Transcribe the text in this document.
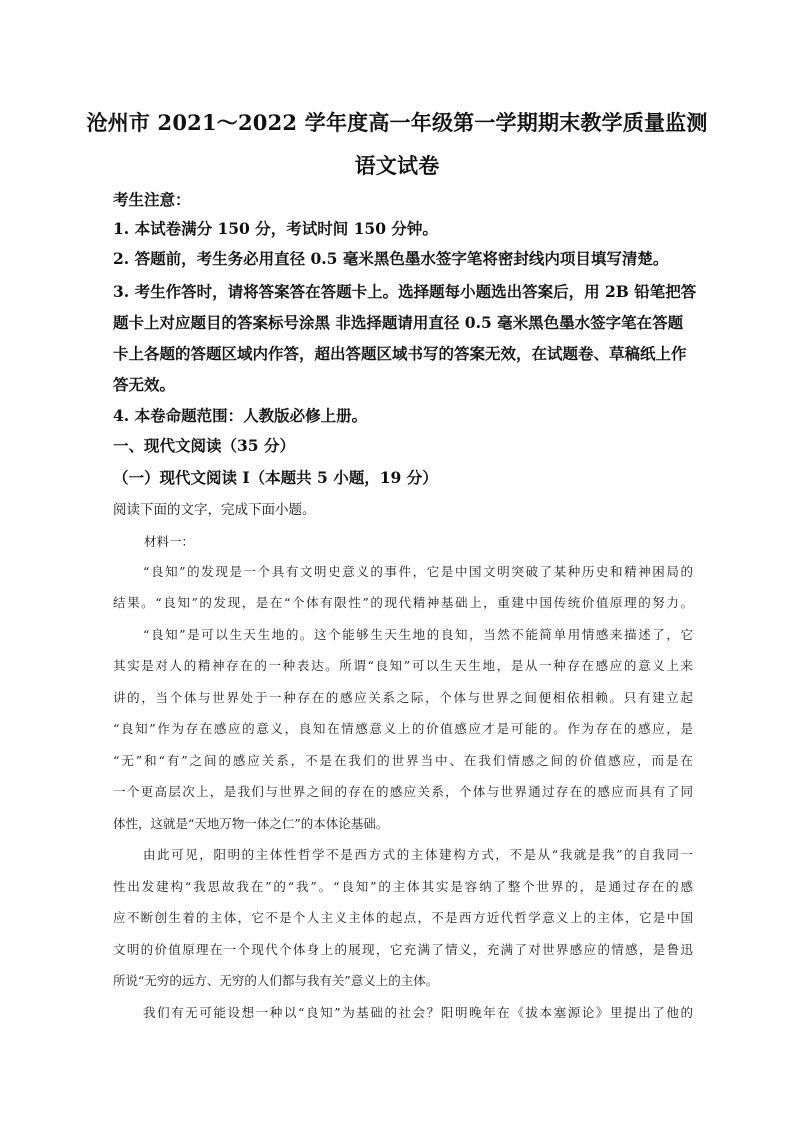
沧州市 2021～2022 学年度高一年级第一学期期末教学质量监测
语文试卷
考生注意：
1. 本试卷满分 150 分，考试时间 150 分钟。
2. 答题前，考生务必用直径 0.5 毫米黑色墨水签字笔将密封线内项目填写清楚。
3. 考生作答时，请将答案答在答题卡上。选择题每小题选出答案后，用 2B 铅笔把答
题卡上对应题目的答案标号涂黑 非选择题请用直径 0.5 毫米黑色墨水签字笔在答题
卡上各题的答题区域内作答，超出答题区域书写的答案无效，在试题卷、草稿纸上作
答无效。
4. 本卷命题范围：人教版必修上册。
一、现代文阅读（35 分）
（一）现代文阅读 I（本题共 5 小题，19 分）
阅读下面的文字，完成下面小题。
材料一：
“良知”的发现是一个具有文明史意义的事件，它是中国文明突破了某种历史和精神困局的
结果。“良知”的发现，是在“个体有限性”的现代精神基础上，重建中国传统价值原理的努力。
“良知”是可以生天生地的。这个能够生天生地的良知，当然不能简单用情感来描述了，它
其实是对人的精神存在的一种表达。所谓“良知”可以生天生地，是从一种存在感应的意义上来
讲的，当个体与世界处于一种存在的感应关系之际，个体与世界之间便相依相赖。只有建立起
“良知”作为存在感应的意义，良知在情感意义上的价值感应才是可能的。作为存在的感应，是
“无”和“有”之间的感应关系，不是在我们的世界当中、在我们情感之间的价值感应，而是在
一个更高层次上，是我们与世界之间的存在的感应关系，个体与世界通过存在的感应而具有了同
体性，这就是“天地万物一体之仁”的本体论基础。
由此可见，阳明的主体性哲学不是西方式的主体建构方式，不是从“我就是我”的自我同一
性出发建构“我思故我在”的“我”。“良知”的主体其实是容纳了整个世界的，是通过存在的感
应不断创生着的主体，它不是个人主义主体的起点，不是西方近代哲学意义上的主体，它是中国
文明的价值原理在一个现代个体身上的展现，它充满了情义，充满了对世界感应的情感，是鲁迅
所说“无穷的远方、无穷的人们都与我有关”意义上的主体。
我们有无可能设想一种以“良知”为基础的社会？阳明晚年在《拔本塞源论》里提出了他的
